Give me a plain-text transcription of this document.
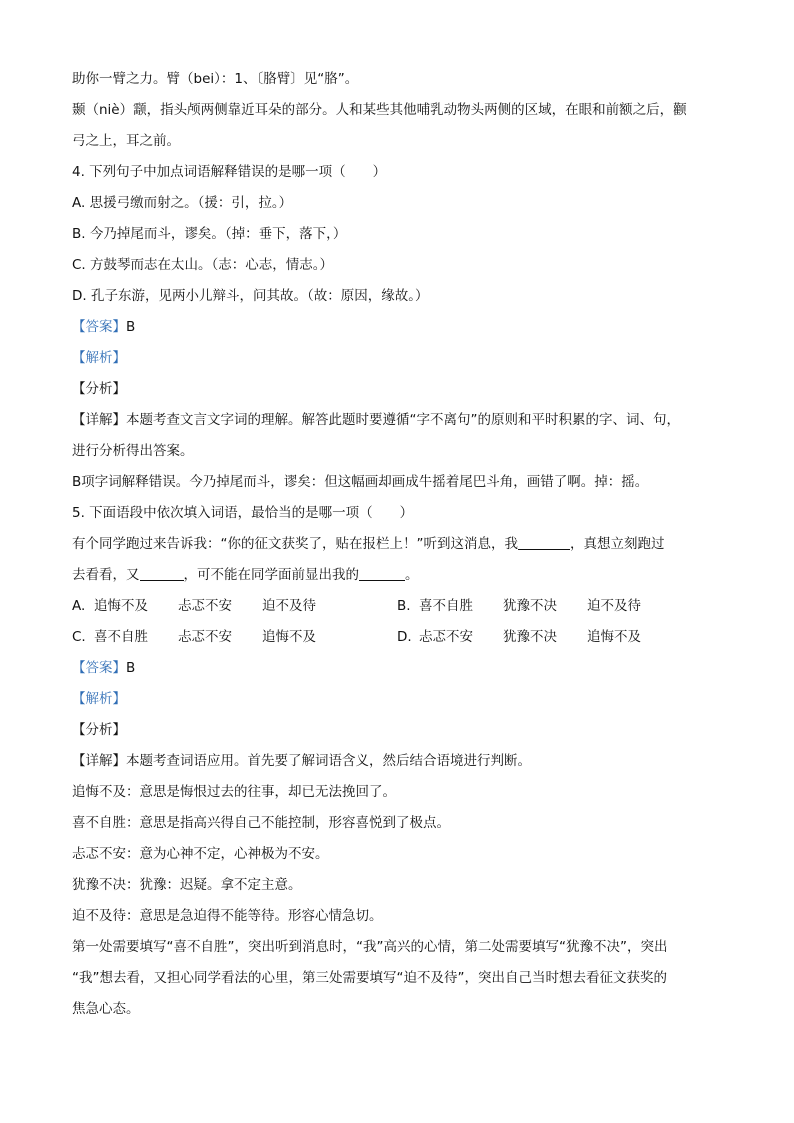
助你一臂之力。臂（bei）：1、〔胳臂〕见“胳”。
颞（niè）颥，指头颅两侧靠近耳朵的部分。人和某些其他哺乳动物头两侧的区域，在眼和前额之后，颧
弓之上，耳之前。
4. 下列句子中加点词语解释错误的是哪一项（　　）
A. 思援弓缴而射之。（援：引，拉。）
B. 今乃掉尾而斗，谬矣。（掉：垂下，落下，）
C. 方鼓琴而志在太山。（志：心志，情志。）
D. 孔子东游，见两小儿辩斗，问其故。（故：原因，缘故。）
【答案】B
【解析】
【分析】
【详解】本题考查文言文字词的理解。解答此题时要遵循“字不离句”的原则和平时积累的字、词、句，
进行分析得出答案。
B项字词解释错误。今乃掉尾而斗，谬矣：但这幅画却画成牛摇着尾巴斗角，画错了啊。掉：摇。
5. 下面语段中依次填入词语，最恰当的是哪一项（　　）
有个同学跑过来告诉我：“你的征文获奖了，贴在报栏上！”听到这消息，我	，真想立刻跑过
去看看，又	，可不能在同学面前显出我的	。
A. 追悔不及	忐忑不安	迫不及待	B. 喜不自胜	犹豫不决	迫不及待
C. 喜不自胜	忐忑不安	追悔不及	D. 忐忑不安	犹豫不决	追悔不及
【答案】B
【解析】
【分析】
【详解】本题考查词语应用。首先要了解词语含义，然后结合语境进行判断。
追悔不及：意思是悔恨过去的往事，却已无法挽回了。
喜不自胜：意思是指高兴得自己不能控制，形容喜悦到了极点。
忐忑不安：意为心神不定，心神极为不安。
犹豫不决：犹豫：迟疑。拿不定主意。
迫不及待：意思是急迫得不能等待。形容心情急切。
第一处需要填写“喜不自胜”，突出听到消息时，“我”高兴的心情，第二处需要填写“犹豫不决”，突出
“我”想去看，又担心同学看法的心里，第三处需要填写“迫不及待”，突出自己当时想去看征文获奖的
焦急心态。
